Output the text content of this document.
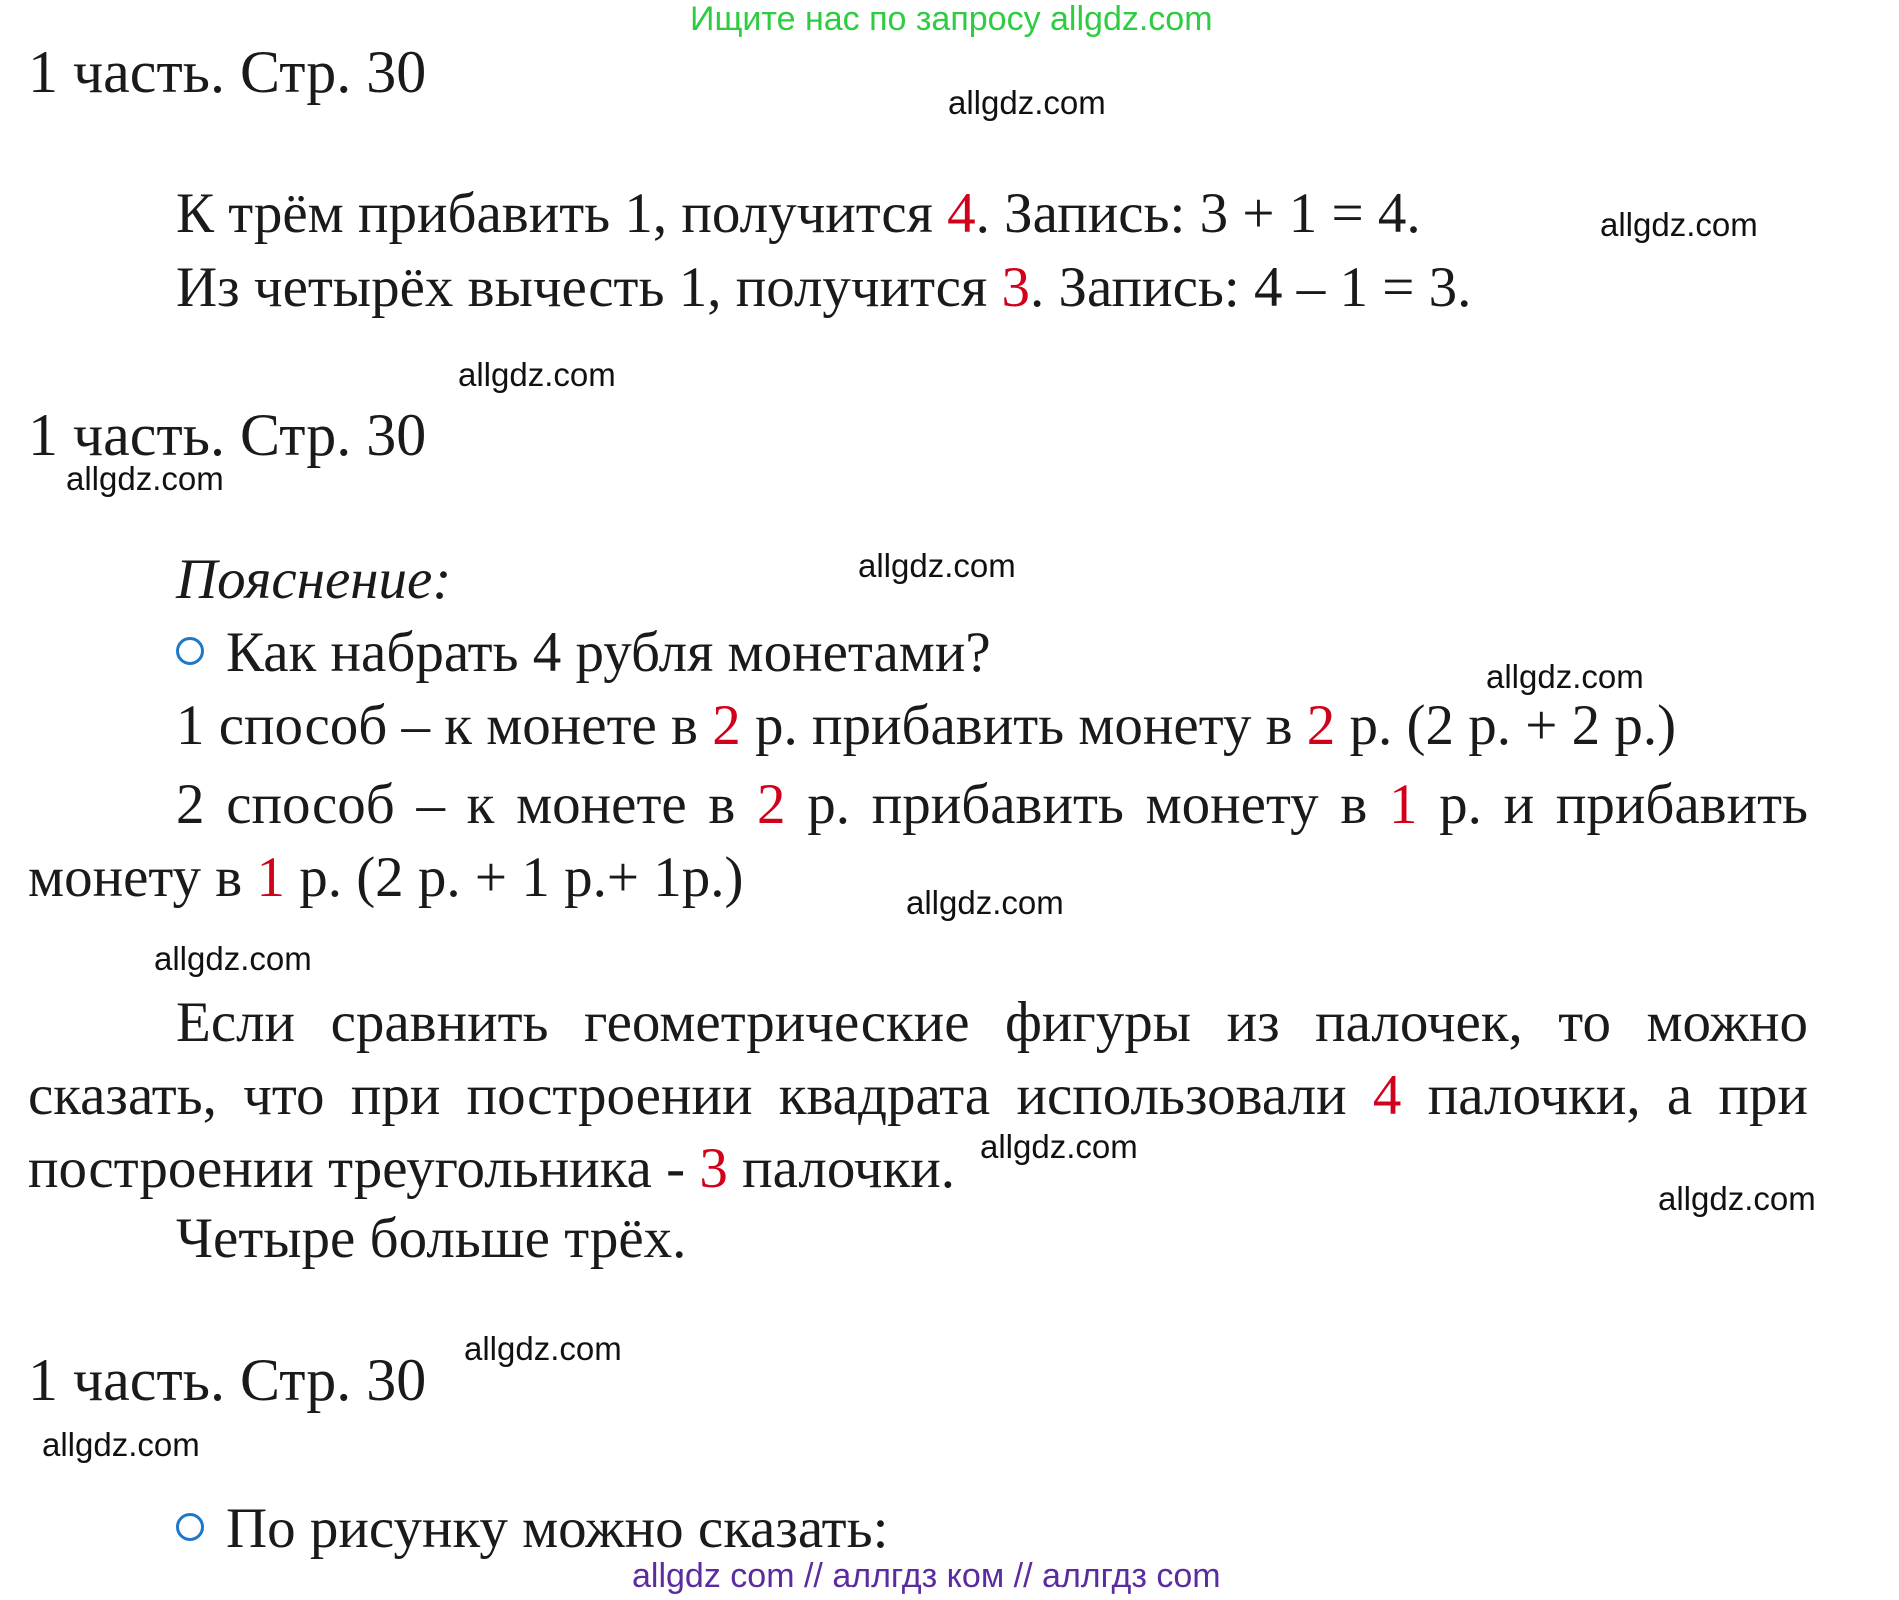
Ищите нас по запросу allgdz.com
1 часть. Стр. 30	allgdz.com
К трём прибавить 1, получится 4. Запись: 3 + 1 = 4.	allgdz.com
Из четырёх вычесть 1, получится 3. Запись: 4 – 1 = 3.
allgdz.com
1 часть. Стр. 30
allgdz.com
Пояснение:	allgdz.com
Как набрать 4 рубля монетами?	allgdz.com
1 способ – к монете в 2 р. прибавить монету в 2 р. (2 р. + 2 р.)
2 способ – к монете в 2 р. прибавить монету в 1 р. и прибавить монету в 1 р. (2 р. + 1 р.+ 1р.)	allgdz.com
allgdz.com
Если сравнить геометрические фигуры из палочек, то можно сказать, что при построении квадрата использовали 4 палочки, а при построении треугольника - 3 палочки. allgdz.com
allgdz.com
Четыре больше трёх.
allgdz.com
1 часть. Стр. 30
allgdz.com
По рисунку можно сказать:
allgdz com // аллгдз ком // аллгдз com
